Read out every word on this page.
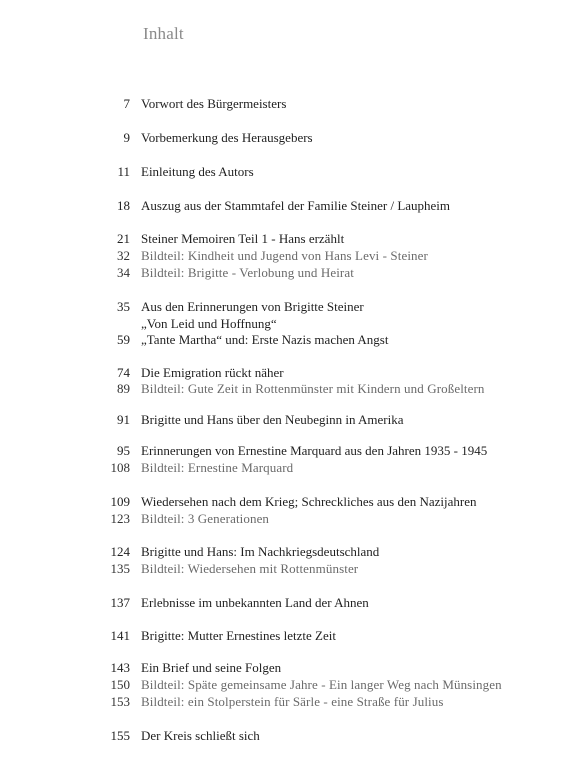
Inhalt
7 Vorwort des Bürgermeisters
9 Vorbemerkung des Herausgebers
11 Einleitung des Autors
18 Auszug aus der Stammtafel der Familie Steiner / Laupheim
21 Steiner Memoiren Teil 1 - Hans erzählt
32 Bildteil: Kindheit und Jugend von Hans Levi - Steiner
34 Bildteil: Brigitte - Verlobung und Heirat
35 Aus den Erinnerungen von Brigitte Steiner
„Von Leid und Hoffnung“
59 „Tante Martha“ und: Erste Nazis machen Angst
74 Die Emigration rückt näher
89 Bildteil: Gute Zeit in Rottenmünster mit Kindern und Großeltern
91 Brigitte und Hans über den Neubeginn in Amerika
95 Erinnerungen von Ernestine Marquard aus den Jahren 1935 - 1945
108 Bildteil: Ernestine Marquard
109 Wiedersehen nach dem Krieg; Schreckliches aus den Nazijahren
123 Bildteil: 3 Generationen
124 Brigitte und Hans: Im Nachkriegsdeutschland
135 Bildteil: Wiedersehen mit Rottenmünster
137 Erlebnisse im unbekannten Land der Ahnen
141 Brigitte: Mutter Ernestines letzte Zeit
143 Ein Brief und seine Folgen
150 Bildteil: Späte gemeinsame Jahre - Ein langer Weg nach Münsingen
153 Bildteil: ein Stolperstein für Särle - eine Straße für Julius
155 Der Kreis schließt sich
